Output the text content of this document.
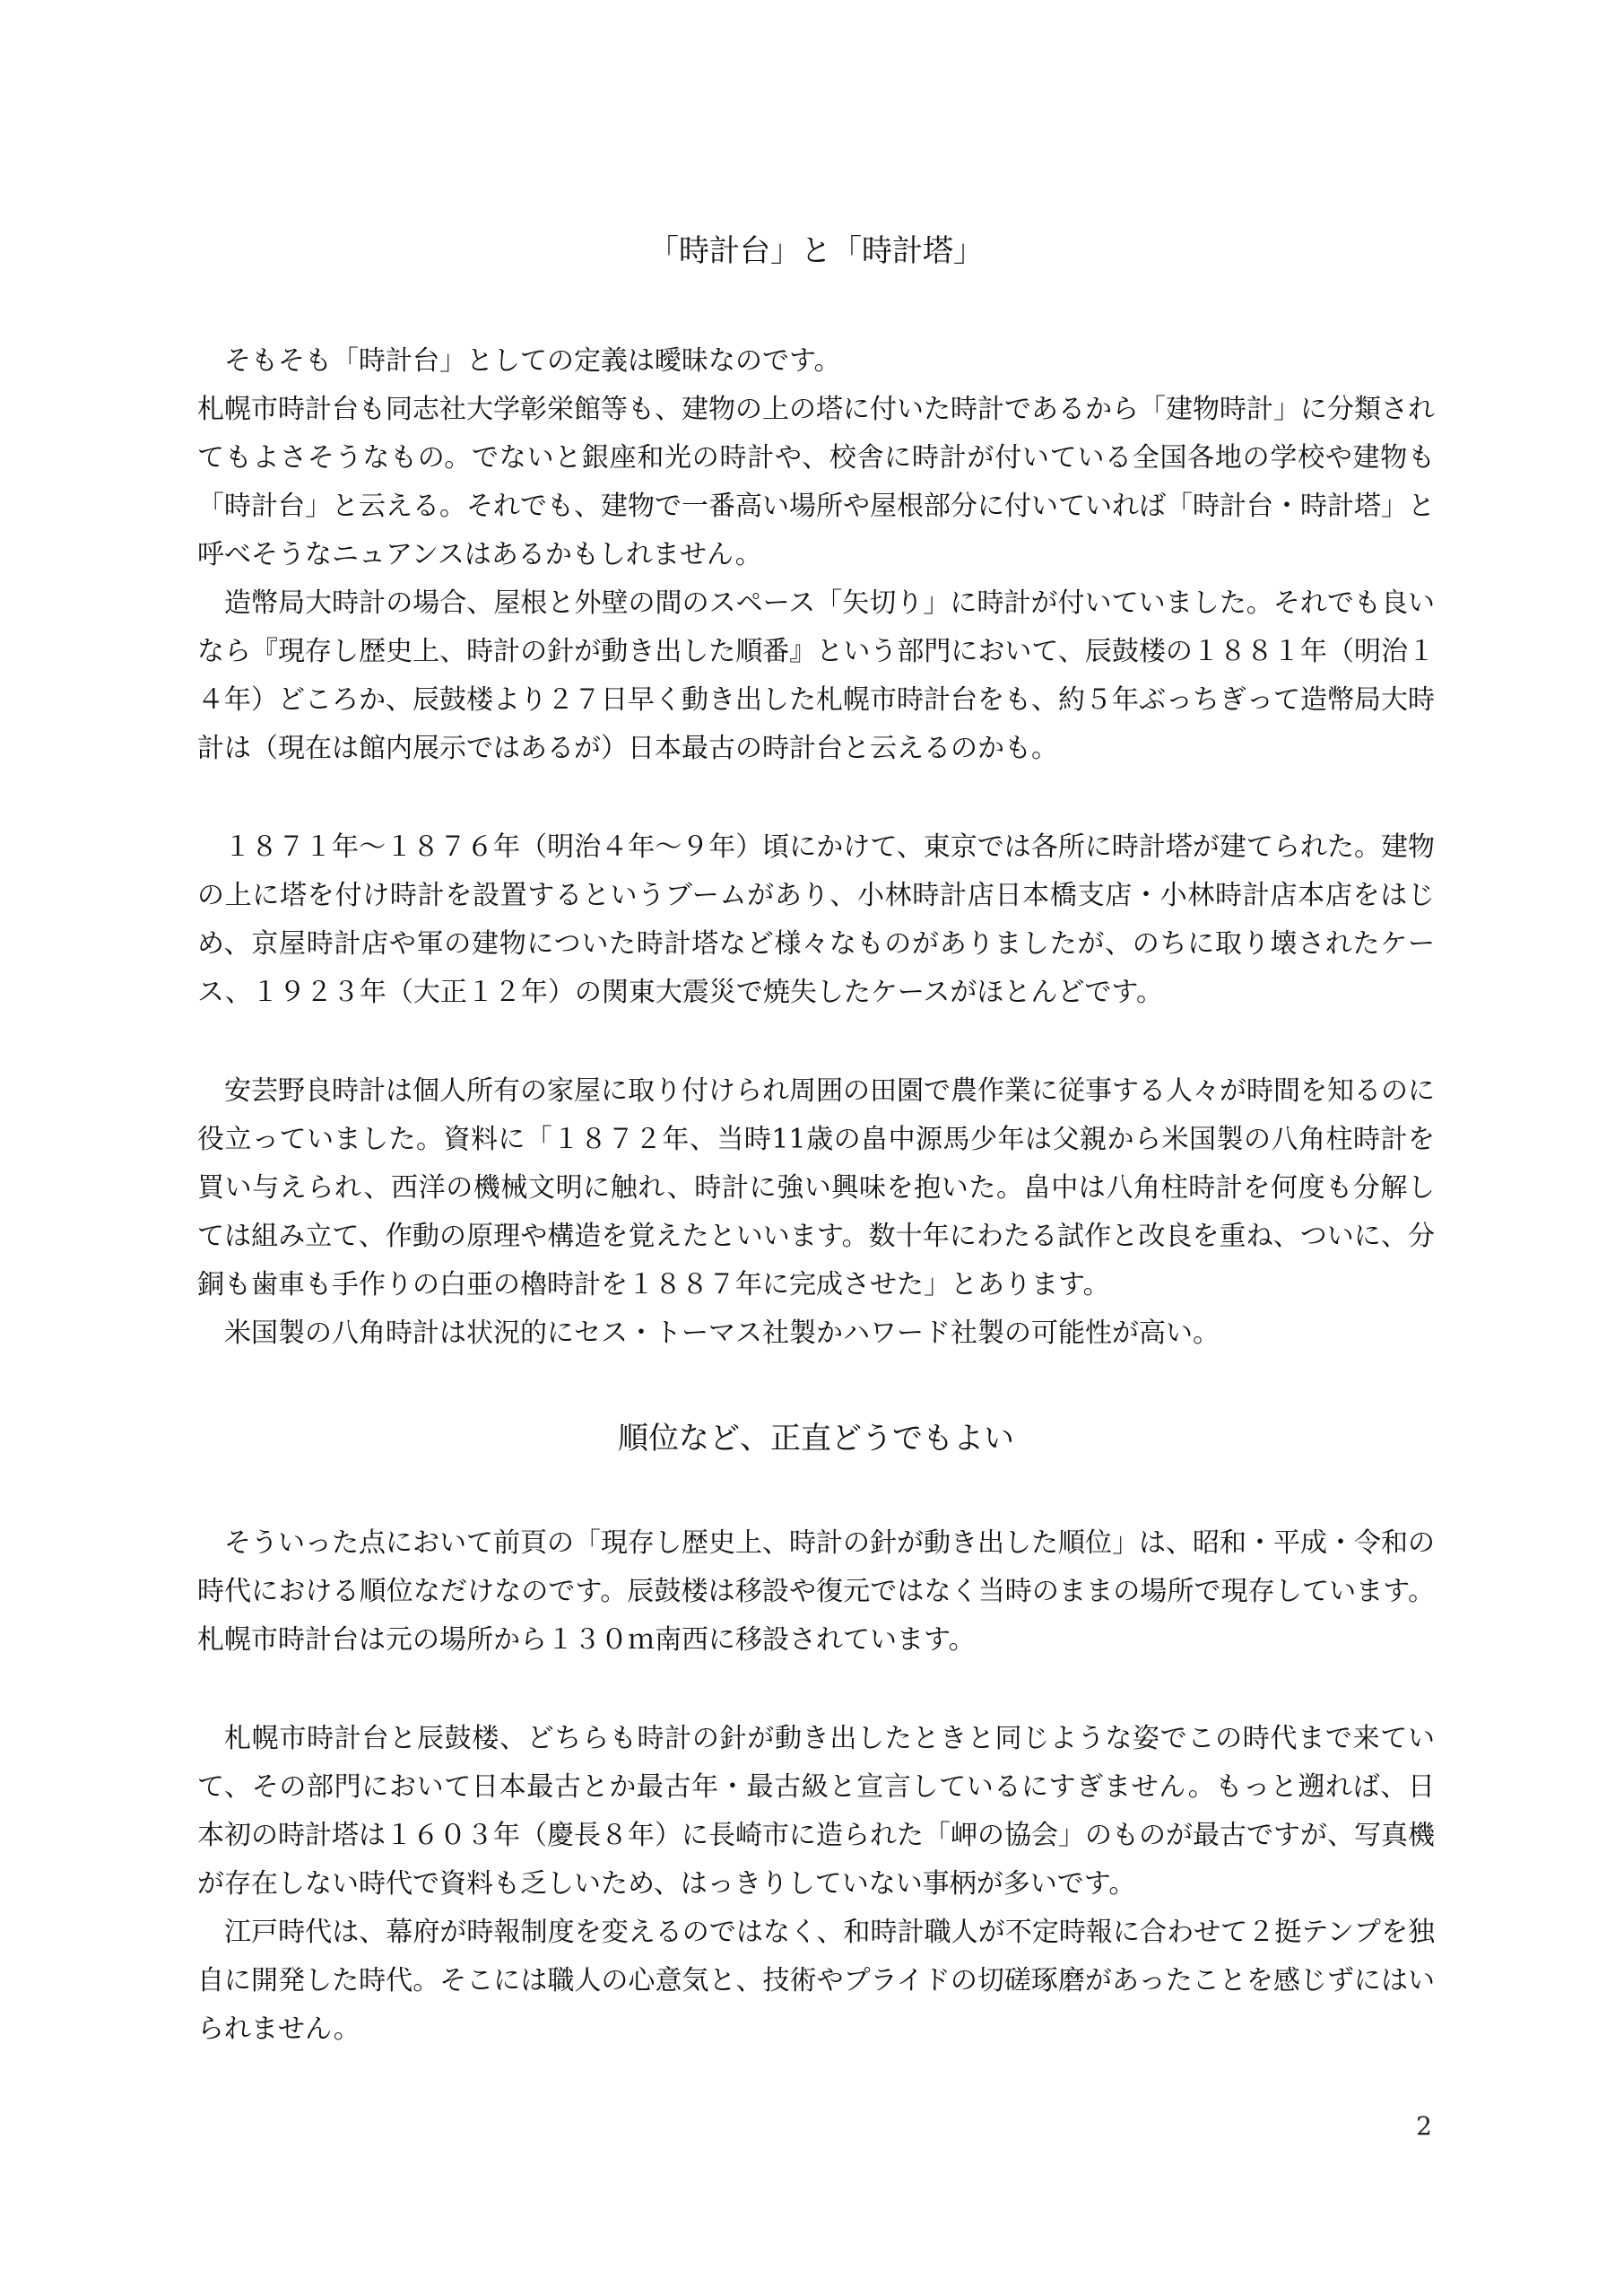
「時計台」と「時計塔」

そもそも「時計台」としての定義は曖昧なのです。

札幌市時計台も同志社大学彰栄館等も、建物の上の塔に付いた時計であるから「建物時計」に分類されてもよさそうなもの。でないと銀座和光の時計や、校舎に時計が付いている全国各地の学校や建物も「時計台」と云える。それでも、建物で一番高い場所や屋根部分に付いていれば「時計台・時計塔」と呼べそうなニュアンスはあるかもしれません。

造幣局大時計の場合、屋根と外壁の間のスペース「矢切り」に時計が付いていました。それでも良いなら『現存し歴史上、時計の針が動き出した順番』という部門において、辰鼓楼の１８８１年（明治１４年）どころか、辰鼓楼より２７日早く動き出した札幌市時計台をも、約５年ぶっちぎって造幣局大時計は（現在は館内展示ではあるが）日本最古の時計台と云えるのかも。

１８７１年～１８７６年（明治４年～９年）頃にかけて、東京では各所に時計塔が建てられた。建物の上に塔を付け時計を設置するというブームがあり、小林時計店日本橋支店・小林時計店本店をはじめ、京屋時計店や軍の建物についた時計塔など様々なものがありましたが、のちに取り壊されたケース、１９２３年（大正１２年）の関東大震災で焼失したケースがほとんどです。

安芸野良時計は個人所有の家屋に取り付けられ周囲の田園で農作業に従事する人々が時間を知るのに役立っていました。資料に「１８７２年、当時11歳の畠中源馬少年は父親から米国製の八角柱時計を買い与えられ、西洋の機械文明に触れ、時計に強い興味を抱いた。畠中は八角柱時計を何度も分解しては組み立て、作動の原理や構造を覚えたといいます。数十年にわたる試作と改良を重ね、ついに、分銅も歯車も手作りの白亜の櫓時計を１８８７年に完成させた」とあります。

米国製の八角時計は状況的にセス・トーマス社製かハワード社製の可能性が高い。

順位など、正直どうでもよい

そういった点において前頁の「現存し歴史上、時計の針が動き出した順位」は、昭和・平成・令和の時代における順位なだけなのです。辰鼓楼は移設や復元ではなく当時のままの場所で現存しています。札幌市時計台は元の場所から１３０ｍ南西に移設されています。

札幌市時計台と辰鼓楼、どちらも時計の針が動き出したときと同じような姿でこの時代まで来ていて、その部門において日本最古とか最古年・最古級と宣言しているにすぎません。もっと遡れば、日本初の時計塔は１６０３年（慶長８年）に長崎市に造られた「岬の協会」のものが最古ですが、写真機が存在しない時代で資料も乏しいため、はっきりしていない事柄が多いです。

江戸時代は、幕府が時報制度を変えるのではなく、和時計職人が不定時報に合わせて２挺テンプを独自に開発した時代。そこには職人の心意気と、技術やプライドの切磋琢磨があったことを感じずにはいられません。

2
